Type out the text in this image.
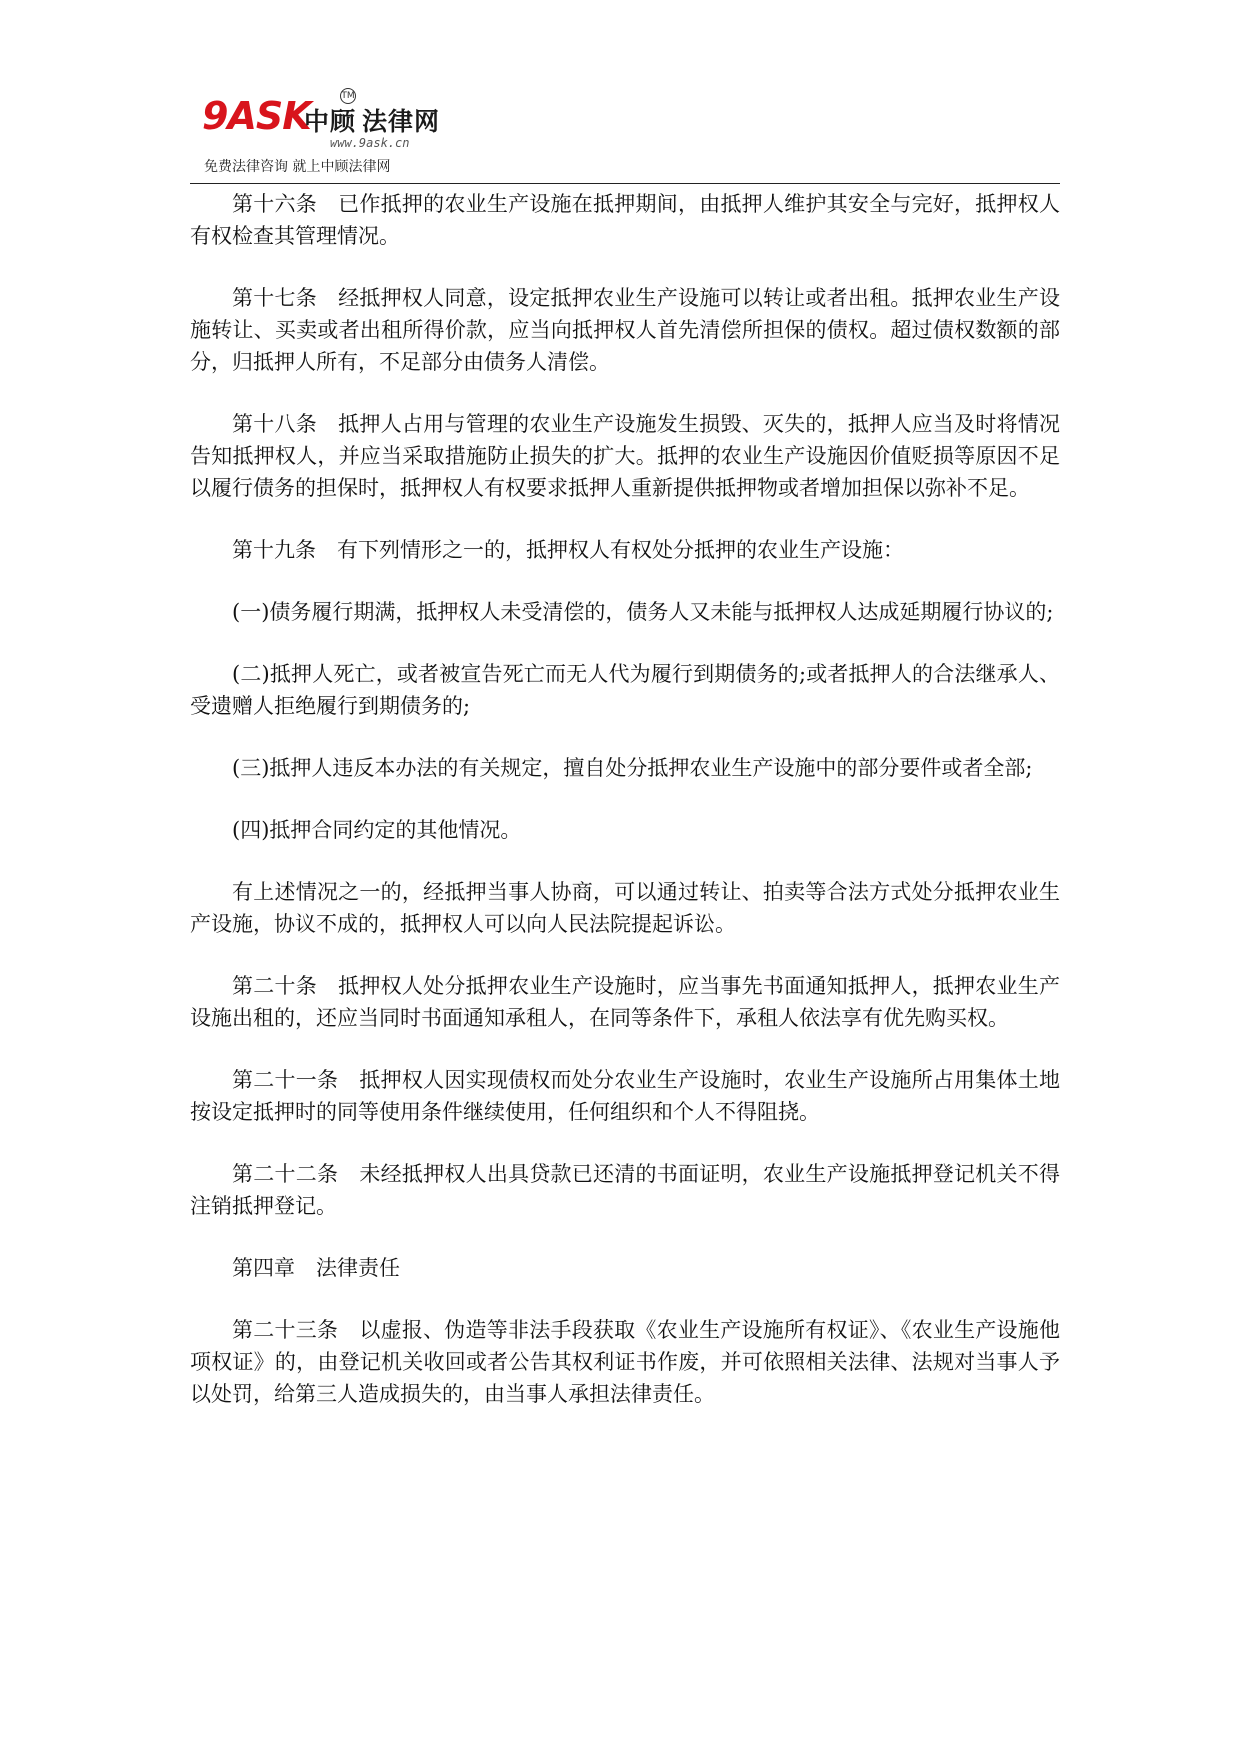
9ASK
中顾 法律网
TM
www.9ask.cn
免费法律咨询 就上中顾法律网

第十六条　已作抵押的农业生产设施在抵押期间，由抵押人维护其安全与完好，抵押权人有权检查其管理情况。

第十七条　经抵押权人同意，设定抵押农业生产设施可以转让或者出租。抵押农业生产设施转让、买卖或者出租所得价款，应当向抵押权人首先清偿所担保的债权。超过债权数额的部分，归抵押人所有，不足部分由债务人清偿。

第十八条　抵押人占用与管理的农业生产设施发生损毁、灭失的，抵押人应当及时将情况告知抵押权人，并应当采取措施防止损失的扩大。抵押的农业生产设施因价值贬损等原因不足以履行债务的担保时，抵押权人有权要求抵押人重新提供抵押物或者增加担保以弥补不足。

第十九条　有下列情形之一的，抵押权人有权处分抵押的农业生产设施：

(一)债务履行期满，抵押权人未受清偿的，债务人又未能与抵押权人达成延期履行协议的;

(二)抵押人死亡，或者被宣告死亡而无人代为履行到期债务的;或者抵押人的合法继承人、受遗赠人拒绝履行到期债务的;

(三)抵押人违反本办法的有关规定，擅自处分抵押农业生产设施中的部分要件或者全部;

(四)抵押合同约定的其他情况。

有上述情况之一的，经抵押当事人协商，可以通过转让、拍卖等合法方式处分抵押农业生产设施，协议不成的，抵押权人可以向人民法院提起诉讼。

第二十条　抵押权人处分抵押农业生产设施时，应当事先书面通知抵押人，抵押农业生产设施出租的，还应当同时书面通知承租人，在同等条件下，承租人依法享有优先购买权。

第二十一条　抵押权人因实现债权而处分农业生产设施时，农业生产设施所占用集体土地按设定抵押时的同等使用条件继续使用，任何组织和个人不得阻挠。

第二十二条　未经抵押权人出具贷款已还清的书面证明，农业生产设施抵押登记机关不得注销抵押登记。

第四章　法律责任

第二十三条　以虚报、伪造等非法手段获取《农业生产设施所有权证》、《农业生产设施他项权证》的，由登记机关收回或者公告其权利证书作废，并可依照相关法律、法规对当事人予以处罚，给第三人造成损失的，由当事人承担法律责任。
